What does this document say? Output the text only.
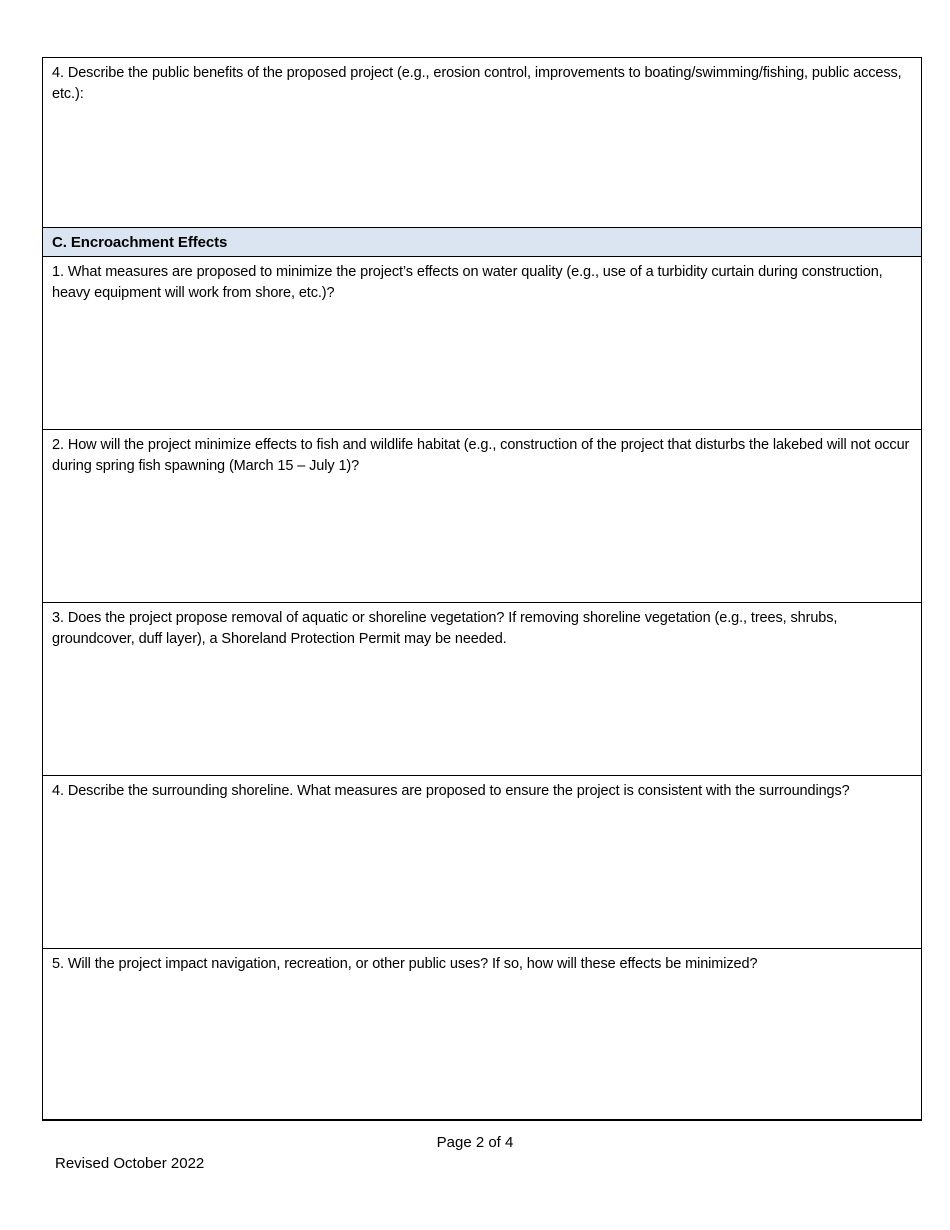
4. Describe the public benefits of the proposed project (e.g., erosion control, improvements to boating/swimming/fishing, public access, etc.):
C. Encroachment Effects
1. What measures are proposed to minimize the project’s effects on water quality (e.g., use of a turbidity curtain during construction, heavy equipment will work from shore, etc.)?
2. How will the project minimize effects to fish and wildlife habitat (e.g., construction of the project that disturbs the lakebed will not occur during spring fish spawning (March 15 – July 1)?
3. Does the project propose removal of aquatic or shoreline vegetation? If removing shoreline vegetation (e.g., trees, shrubs, groundcover, duff layer), a Shoreland Protection Permit may be needed.
4. Describe the surrounding shoreline. What measures are proposed to ensure the project is consistent with the surroundings?
5. Will the project impact navigation, recreation, or other public uses? If so, how will these effects be minimized?
Page 2 of 4
Revised October 2022
